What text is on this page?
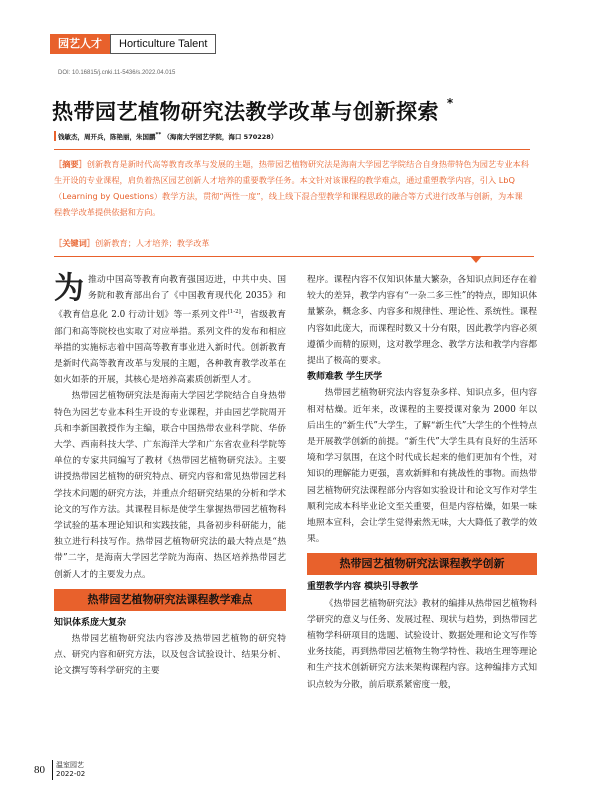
园艺人才	Horticulture Talent
DOI: 10.16815/j.cnki.11-5436/s.2022.04.015
热带园艺植物研究法教学改革与创新探索 *
钱敏杰，周开兵，陈艳丽，朱国鹏** （海南大学园艺学院，海口 570228）
［摘要］创新教育是新时代高等教育改革与发展的主题，热带园艺植物研究法是海南大学园艺学院结合自身热带特色为园艺专业本科生开设的专业课程，肩负着热区园艺创新人才培养的重要教学任务。本文针对该课程的教学难点，通过重塑教学内容，引入 LbQ（Learning by Questions）教学方法，贯彻“两性一度”，线上线下混合型教学和课程思政的融合等方式进行改革与创新，为本课程教学改革提供依据和方向。
［关键词］创新教育；人才培养；教学改革

为推动中国高等教育向教育强国迈进，中共中央、国务院和教育部出台了《中国教育现代化 2035》和《教育信息化 2.0 行动计划》等一系列文件[1-2]，省级教育部门和高等院校也实取了对应举措。系列文件的发布和相应举措的实施标志着中国高等教育事业进入新时代。创新教育是新时代高等教育改革与发展的主题，各种教育教学改革在如火如荼的开展，其核心是培养高素质创新型人才。

热带园艺植物研究法是海南大学园艺学院结合自身热带特色为园艺专业本科生开设的专业课程，并由园艺学院周开兵和李新国教授作为主编，联合中国热带农业科学院、华侨大学、西南科技大学、广东海洋大学和广东省农业科学院等单位的专家共同编写了教材《热带园艺植物研究法》。主要讲授热带园艺植物的研究特点、研究内容和常见热带园艺科学技术问题的研究方法，并重点介绍研究结果的分析和学术论文的写作方法。其课程目标是使学生掌握热带园艺植物科学试验的基本理论知识和实践技能，具备初步科研能力，能独立进行科技写作。热带园艺植物研究法的最大特点是“热带”二字，是海南大学园艺学院为海南、热区培养热带园艺创新人才的主要发力点。

热带园艺植物研究法课程教学难点

知识体系庞大复杂

热带园艺植物研究法内容涉及热带园艺植物的研究特点、研究内容和研究方法，以及包含试验设计、结果分析、论文撰写等科学研究的主要

程序。课程内容不仅知识体量大繁杂，各知识点间还存在着较大的差异，教学内容有“一杂二多三性”的特点，即知识体量繁杂，概念多、内容多和规律性、理论性、系统性。课程内容如此庞大，而课程时数又十分有限，因此教学内容必须遵循少而精的原则，这对教学理念、教学方法和教学内容都提出了极高的要求。

教师难教 学生厌学

热带园艺植物研究法内容复杂多样、知识点多，但内容相对枯燥。近年来，改课程的主要授课对象为 2000 年以后出生的“新生代”大学生，了解“新生代”大学生的个性特点是开展教学创新的前提。“新生代”大学生具有良好的生活环境和学习氛围，在这个时代成长起来的他们更加有个性，对知识的理解能力更强，喜欢新鲜和有挑战性的事物。而热带园艺植物研究法课程部分内容如实验设计和论文写作对学生顺利完成本科毕业论文至关重要，但是内容枯燥，如果一味地照本宣科，会让学生觉得索然无味，大大降低了教学的效果。

热带园艺植物研究法课程教学创新

重塑教学内容 模块引导教学

《热带园艺植物研究法》教材的编排从热带园艺植物科学研究的意义与任务、发展过程、现状与趋势，到热带园艺植物学科研项目的选题、试验设计、数据处理和论文写作等业务技能，再到热带园艺植物生物学特性、栽培生理等理论和生产技术创新研究方法来架构课程内容。这种编排方式知识点较为分散，前后联系紧密度一般，

80 温室园艺
2022-02
